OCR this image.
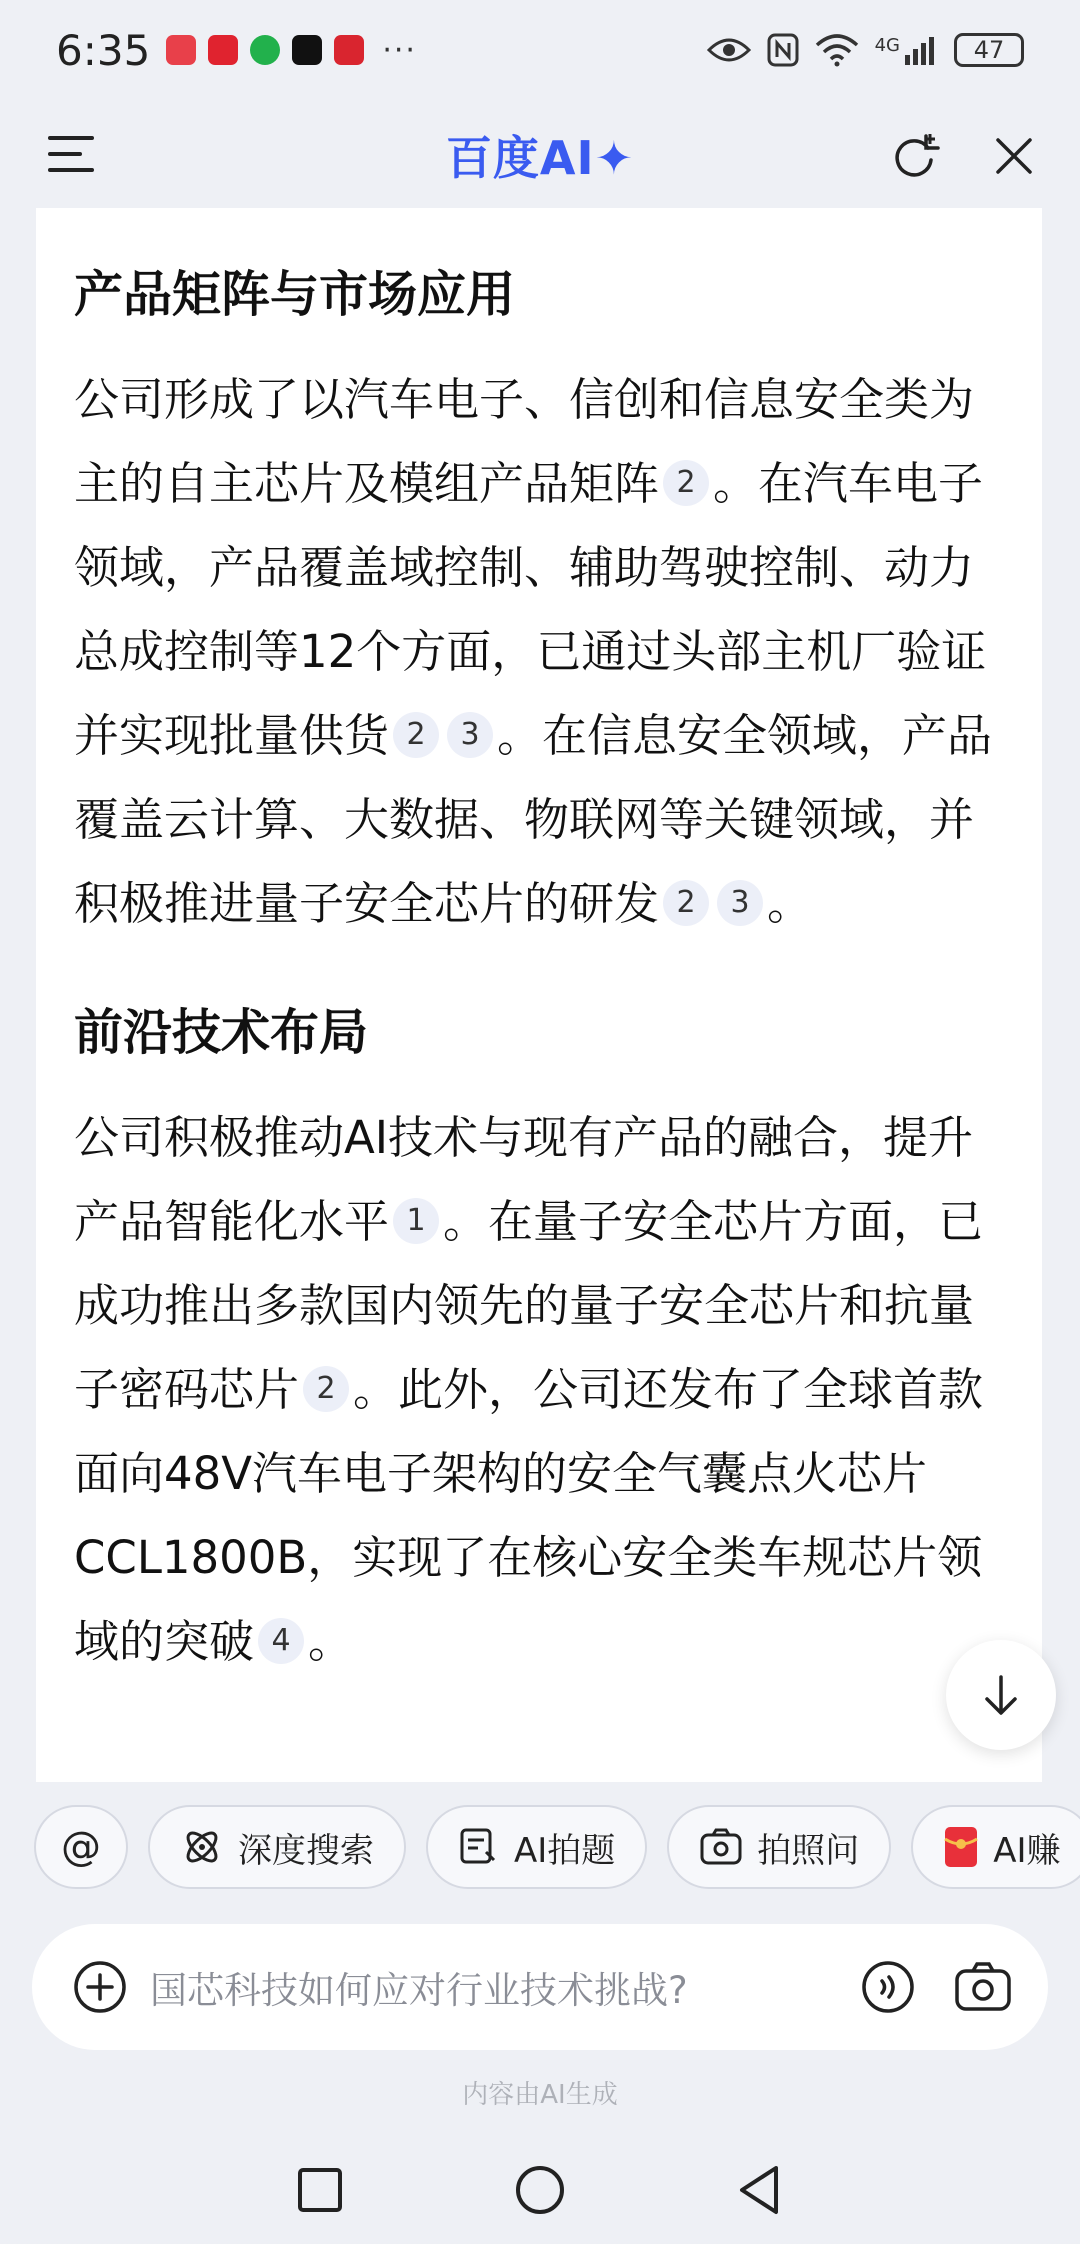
6:35	···	4G	47
百度AI✦
产品矩阵与市场应用
公司形成了以汽车电子、信创和信息安全类为主的自主芯片及模组产品矩阵 2 。在汽车电子领域，产品覆盖域控制、辅助驾驶控制、动力总成控制等12个方面，已通过头部主机厂验证并实现批量供货 2 3 。在信息安全领域，产品覆盖云计算、大数据、物联网等关键领域，并积极推进量子安全芯片的研发 2 3 。
前沿技术布局
公司积极推动AI技术与现有产品的融合，提升产品智能化水平 1 。在量子安全芯片方面，已成功推出多款国内领先的量子安全芯片和抗量子密码芯片 2 。此外，公司还发布了全球首款面向48V汽车电子架构的安全气囊点火芯片CCL1800B，实现了在核心安全类车规芯片领域的突破 4 。
@	深度搜索	AI拍题	拍照问	AI赚
国芯科技如何应对行业技术挑战?
内容由AI生成
